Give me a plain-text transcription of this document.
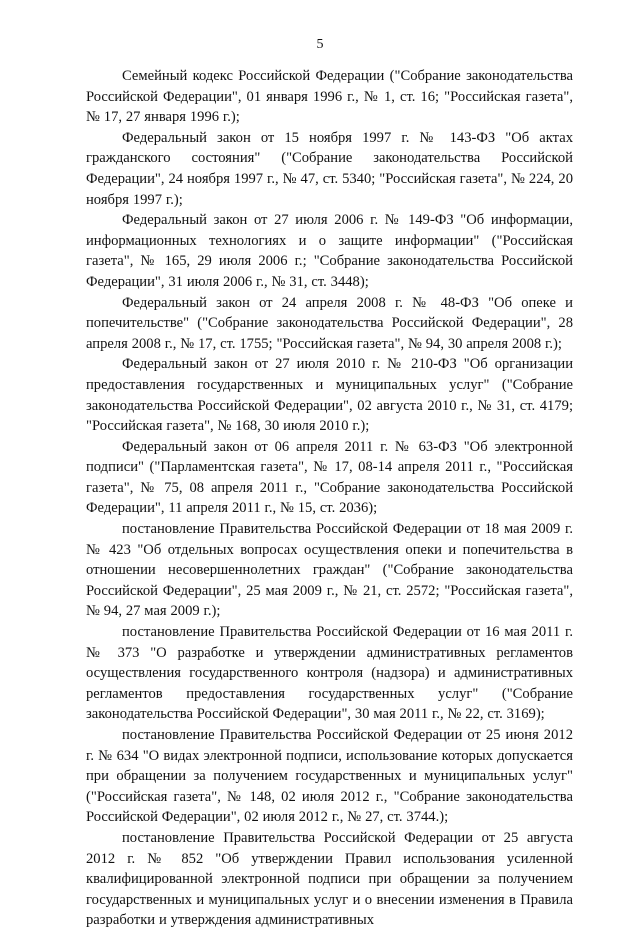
5

Семейный кодекс Российской Федерации ("Собрание законодательства Российской Федерации", 01 января 1996 г., № 1, ст. 16; "Российская газета", № 17, 27 января 1996 г.);

Федеральный закон от 15 ноября 1997 г. № 143-ФЗ "Об актах гражданского состояния" ("Собрание законодательства Российской Федерации", 24 ноября 1997 г., № 47, ст. 5340; "Российская газета", № 224, 20 ноября 1997 г.);

Федеральный закон от 27 июля 2006 г. № 149-ФЗ "Об информации, информационных технологиях и о защите информации" ("Российская газета", № 165, 29 июля 2006 г.; "Собрание законодательства Российской Федерации", 31 июля 2006 г., № 31, ст. 3448);

Федеральный закон от 24 апреля 2008 г. № 48-ФЗ "Об опеке и попечительстве" ("Собрание законодательства Российской Федерации", 28 апреля 2008 г., № 17, ст. 1755; "Российская газета", № 94, 30 апреля 2008 г.);

Федеральный закон от 27 июля 2010 г. № 210-ФЗ "Об организации предоставления государственных и муниципальных услуг" ("Собрание законодательства Российской Федерации", 02 августа 2010 г., № 31, ст. 4179; "Российская газета", № 168, 30 июля 2010 г.);

Федеральный закон от 06 апреля 2011 г. № 63-ФЗ "Об электронной подписи" ("Парламентская газета", № 17, 08-14 апреля 2011 г., "Российская газета", № 75, 08 апреля 2011 г., "Собрание законодательства Российской Федерации", 11 апреля 2011 г., № 15, ст. 2036);

постановление Правительства Российской Федерации от 18 мая 2009 г. № 423 "Об отдельных вопросах осуществления опеки и попечительства в отношении несовершеннолетних граждан" ("Собрание законодательства Российской Федерации", 25 мая 2009 г., № 21, ст. 2572; "Российская газета", № 94, 27 мая 2009 г.);

постановление Правительства Российской Федерации от 16 мая 2011 г. № 373 "О разработке и утверждении административных регламентов осуществления государственного контроля (надзора) и административных регламентов предоставления государственных услуг" ("Собрание законодательства Российской Федерации", 30 мая 2011 г., № 22, ст. 3169);

постановление Правительства Российской Федерации от 25 июня 2012 г. № 634 "О видах электронной подписи, использование которых допускается при обращении за получением государственных и муниципальных услуг" ("Российская газета", № 148, 02 июля 2012 г., "Собрание законодательства Российской Федерации", 02 июля 2012 г., № 27, ст. 3744.);

постановление Правительства Российской Федерации от 25 августа 2012 г. № 852 "Об утверждении Правил использования усиленной квалифицированной электронной подписи при обращении за получением государственных и муниципальных услуг и о внесении изменения в Правила разработки и утверждения административных
